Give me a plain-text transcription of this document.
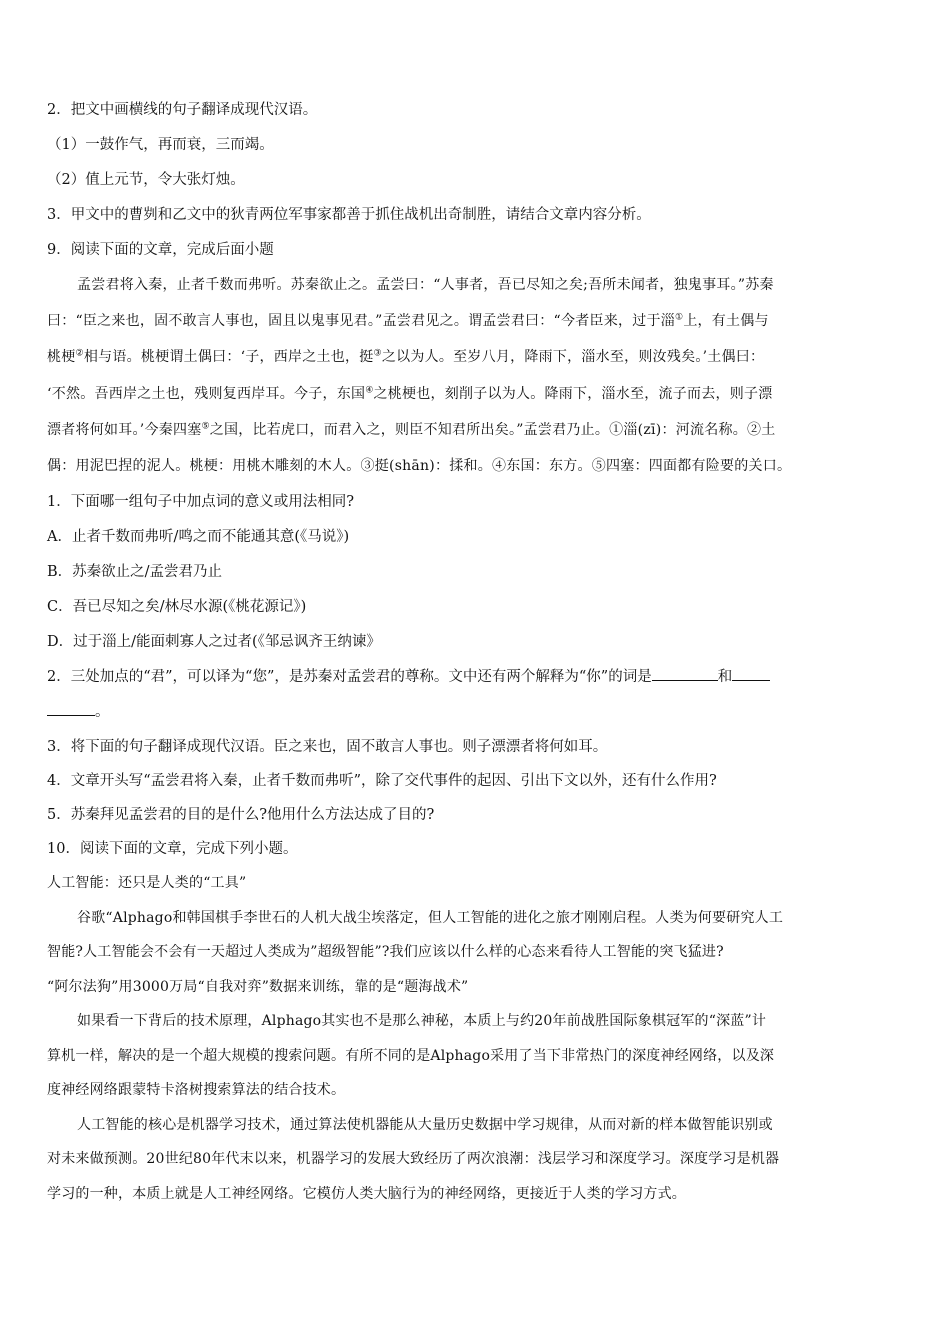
2．把文中画横线的句子翻译成现代汉语。
（1）一鼓作气，再而衰，三而竭。
（2）值上元节，令大张灯烛。
3．甲文中的曹刿和乙文中的狄青两位军事家都善于抓住战机出奇制胜，请结合文章内容分析。
9．阅读下面的文章，完成后面小题
孟尝君将入秦，止者千数而弗听。苏秦欲止之。孟尝曰：“人事者，吾已尽知之矣;吾所未闻者，独鬼事耳。”苏秦
曰：“臣之来也，固不敢言人事也，固且以鬼事见君。”孟尝君见之。谓孟尝君曰：“今者臣来，过于淄①上，有土偶与
桃梗②相与语。桃梗谓土偶曰：‘子，西岸之土也，挺③之以为人。至岁八月，降雨下，淄水至，则汝残矣。’土偶曰：
‘不然。吾西岸之土也，残则复西岸耳。今子，东国④之桃梗也，刻削子以为人。降雨下，淄水至，流子而去，则子漂
漂者将何如耳。’今秦四塞⑤之国，比若虎口，而君入之，则臣不知君所出矣。”孟尝君乃止。①淄(zī)：河流名称。②土
偶：用泥巴捏的泥人。桃梗：用桃木雕刻的木人。③挺(shān)：揉和。④东国：东方。⑤四塞：四面都有险要的关口。
1．下面哪一组句子中加点词的意义或用法相同?
A．止者千数而弗听/鸣之而不能通其意(《马说》)
B．苏秦欲止之/孟尝君乃止
C．吾已尽知之矣/林尽水源(《桃花源记》)
D．过于淄上/能面刺寡人之过者(《邹忌讽齐王纳谏》
2．三处加点的“君”，可以译为“您”，是苏秦对孟尝君的尊称。文中还有两个解释为“你”的词是	和
。
3．将下面的句子翻译成现代汉语。臣之来也，固不敢言人事也。则子漂漂者将何如耳。
4．文章开头写“孟尝君将入秦，止者千数而弗听”，除了交代事件的起因、引出下文以外，还有什么作用?
5．苏秦拜见孟尝君的目的是什么?他用什么方法达成了目的?
10．阅读下面的文章，完成下列小题。
人工智能：还只是人类的“工具”
谷歌“Alphago和韩国棋手李世石的人机大战尘埃落定，但人工智能的进化之旅才刚刚启程。人类为何要研究人工
智能?人工智能会不会有一天超过人类成为”超级智能”?我们应该以什么样的心态来看待人工智能的突飞猛进?
“阿尔法狗”用3000万局“自我对弈”数据来训练，靠的是“题海战术”
如果看一下背后的技术原理，Alphago其实也不是那么神秘，本质上与约20年前战胜国际象棋冠军的“深蓝”计
算机一样，解决的是一个超大规模的搜索问题。有所不同的是Alphago采用了当下非常热门的深度神经网络，以及深
度神经网络跟蒙特卡洛树搜索算法的结合技术。
人工智能的核心是机器学习技术，通过算法使机器能从大量历史数据中学习规律，从而对新的样本做智能识别或
对未来做预测。20世纪80年代末以来，机器学习的发展大致经历了两次浪潮：浅层学习和深度学习。深度学习是机器
学习的一种，本质上就是人工神经网络。它模仿人类大脑行为的神经网络，更接近于人类的学习方式。
